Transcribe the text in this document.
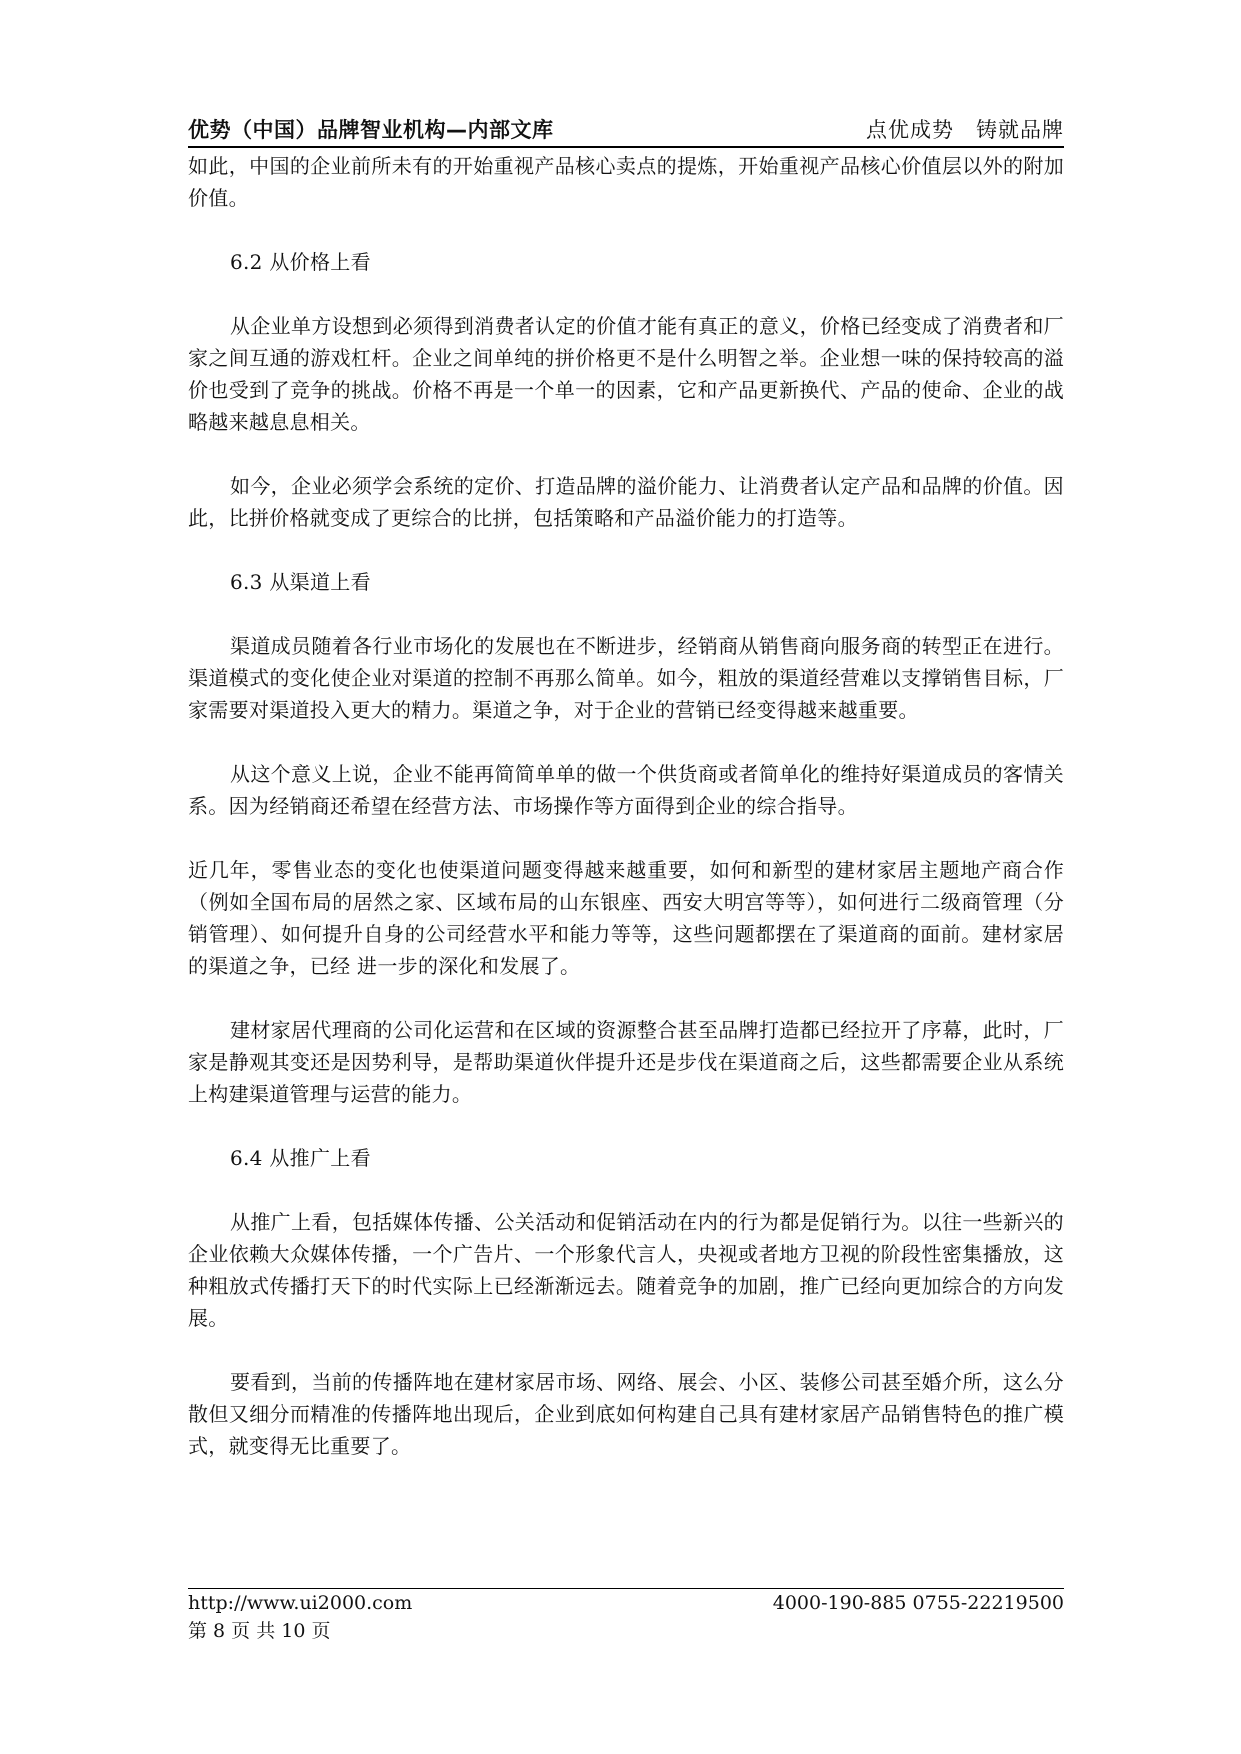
优势（中国）品牌智业机构—内部文库	点优成势　铸就品牌

如此，中国的企业前所未有的开始重视产品核心卖点的提炼，开始重视产品核心价值层以外的附加价值。

6.2 从价格上看

从企业单方设想到必须得到消费者认定的价值才能有真正的意义，价格已经变成了消费者和厂家之间互通的游戏杠杆。企业之间单纯的拼价格更不是什么明智之举。企业想一味的保持较高的溢价也受到了竞争的挑战。价格不再是一个单一的因素，它和产品更新换代、产品的使命、企业的战略越来越息息相关。

如今，企业必须学会系统的定价、打造品牌的溢价能力、让消费者认定产品和品牌的价值。因此，比拼价格就变成了更综合的比拼，包括策略和产品溢价能力的打造等。

6.3 从渠道上看

渠道成员随着各行业市场化的发展也在不断进步，经销商从销售商向服务商的转型正在进行。渠道模式的变化使企业对渠道的控制不再那么简单。如今，粗放的渠道经营难以支撑销售目标，厂家需要对渠道投入更大的精力。渠道之争，对于企业的营销已经变得越来越重要。

从这个意义上说，企业不能再简简单单的做一个供货商或者简单化的维持好渠道成员的客情关系。因为经销商还希望在经营方法、市场操作等方面得到企业的综合指导。

近几年，零售业态的变化也使渠道问题变得越来越重要，如何和新型的建材家居主题地产商合作（例如全国布局的居然之家、区域布局的山东银座、西安大明宫等等），如何进行二级商管理（分销管理）、如何提升自身的公司经营水平和能力等等，这些问题都摆在了渠道商的面前。建材家居的渠道之争，已经 进一步的深化和发展了。

建材家居代理商的公司化运营和在区域的资源整合甚至品牌打造都已经拉开了序幕，此时，厂家是静观其变还是因势利导，是帮助渠道伙伴提升还是步伐在渠道商之后，这些都需要企业从系统上构建渠道管理与运营的能力。

6.4 从推广上看

从推广上看，包括媒体传播、公关活动和促销活动在内的行为都是促销行为。以往一些新兴的企业依赖大众媒体传播，一个广告片、一个形象代言人，央视或者地方卫视的阶段性密集播放，这种粗放式传播打天下的时代实际上已经渐渐远去。随着竞争的加剧，推广已经向更加综合的方向发展。

要看到，当前的传播阵地在建材家居市场、网络、展会、小区、装修公司甚至婚介所，这么分散但又细分而精准的传播阵地出现后，企业到底如何构建自己具有建材家居产品销售特色的推广模式，就变得无比重要了。

http://www.ui2000.com	4000-190-885 0755-22219500
第 8 页 共 10 页
